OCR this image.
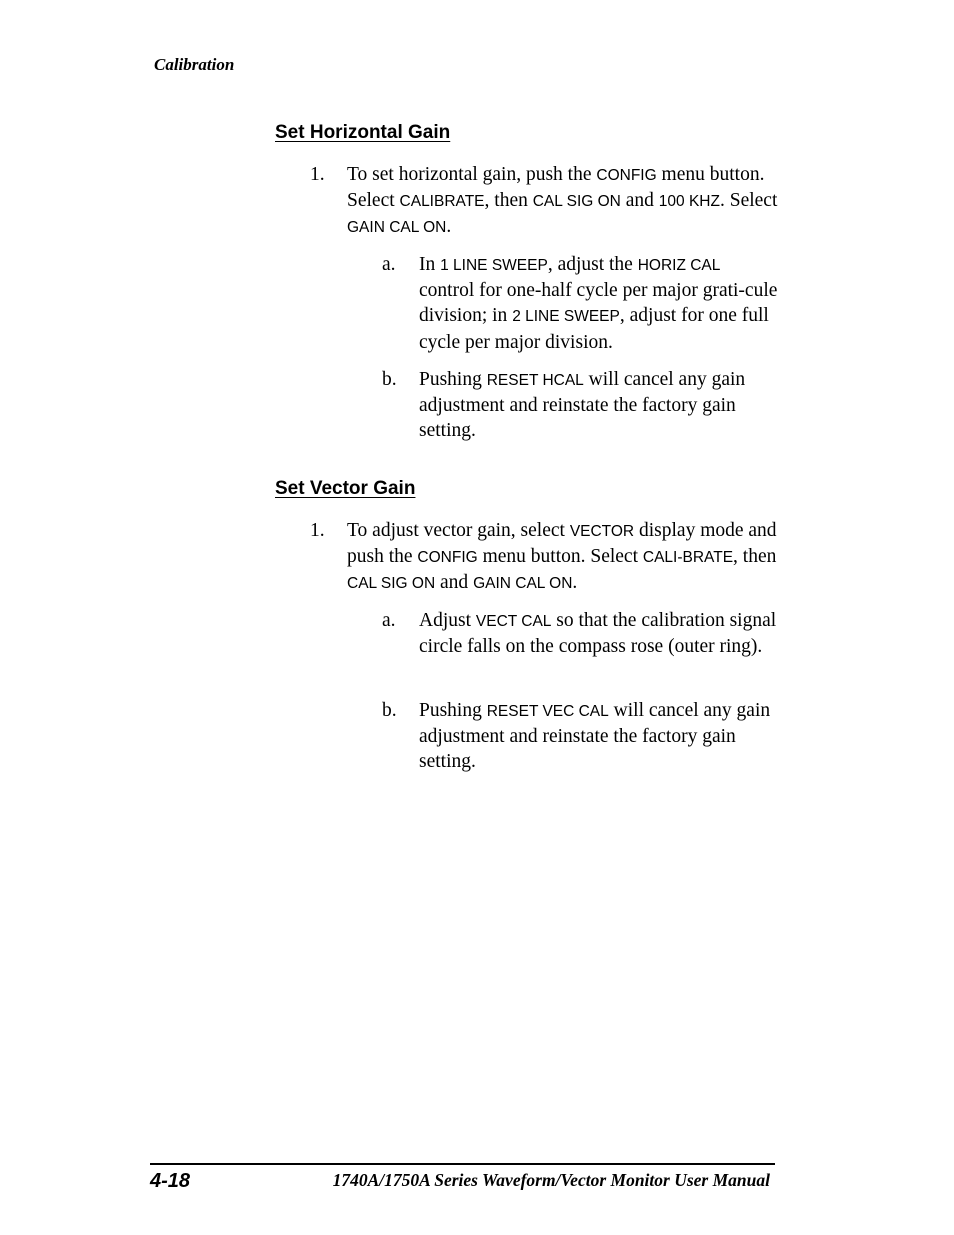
Calibration
Set Horizontal Gain
1. To set horizontal gain, push the CONFIG menu button. Select CALIBRATE, then CAL SIG ON and 100 KHZ. Select GAIN CAL ON.
a. In 1 LINE SWEEP, adjust the HORIZ CAL control for one-half cycle per major grati-cule division; in 2 LINE SWEEP, adjust for one full cycle per major division.
b. Pushing RESET HCAL will cancel any gain adjustment and reinstate the factory gain setting.
Set Vector Gain
1. To adjust vector gain, select VECTOR display mode and push the CONFIG menu button. Select CALI-BRATE, then CAL SIG ON and GAIN CAL ON.
a. Adjust VECT CAL so that the calibration signal circle falls on the compass rose (outer ring).
b. Pushing RESET VEC CAL will cancel any gain adjustment and reinstate the factory gain setting.
4-18	1740A/1750A Series Waveform/Vector Monitor User Manual
